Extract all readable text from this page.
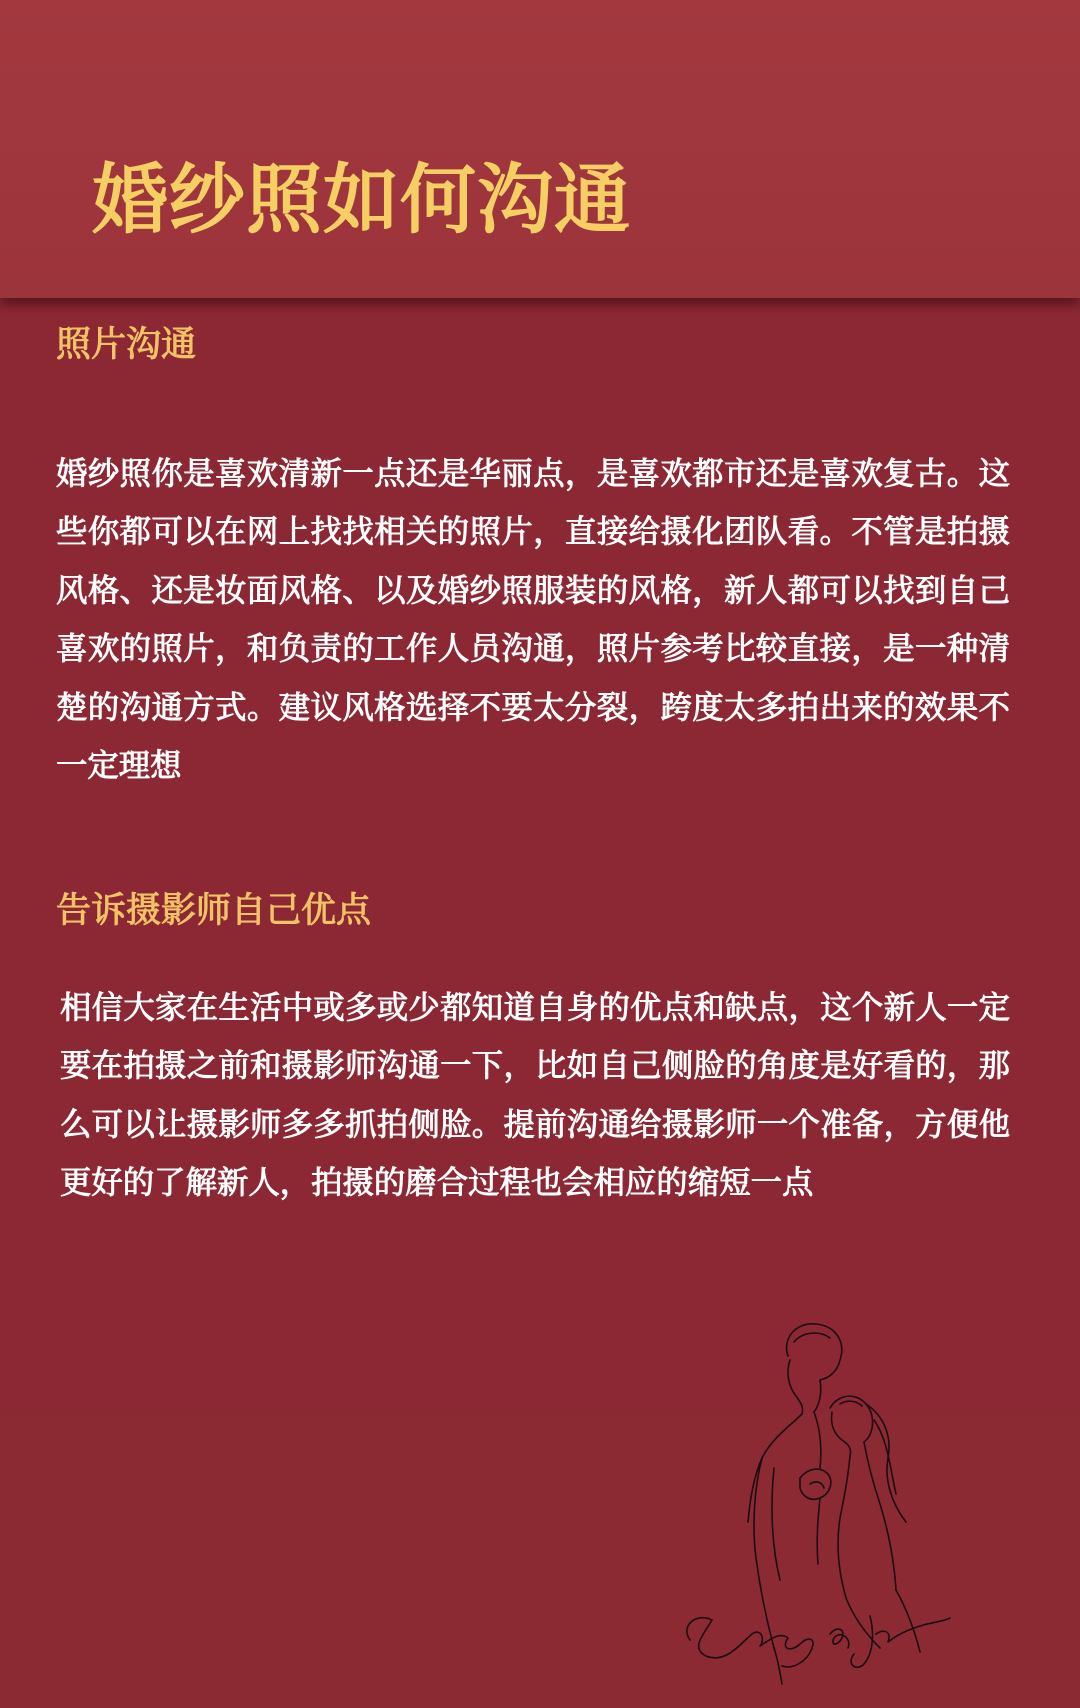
婚纱照如何沟通
照片沟通

婚纱照你是喜欢清新一点还是华丽点，是喜欢都市还是喜欢复古。这些你都可以在网上找找相关的照片，直接给摄化团队看。不管是拍摄风格、还是妆面风格、以及婚纱照服装的风格，新人都可以找到自己喜欢的照片，和负责的工作人员沟通，照片参考比较直接，是一种清楚的沟通方式。建议风格选择不要太分裂，跨度太多拍出来的效果不一定理想

告诉摄影师自己优点

相信大家在生活中或多或少都知道自身的优点和缺点，这个新人一定要在拍摄之前和摄影师沟通一下，比如自己侧脸的角度是好看的，那么可以让摄影师多多抓拍侧脸。提前沟通给摄影师一个准备，方便他更好的了解新人，拍摄的磨合过程也会相应的缩短一点
